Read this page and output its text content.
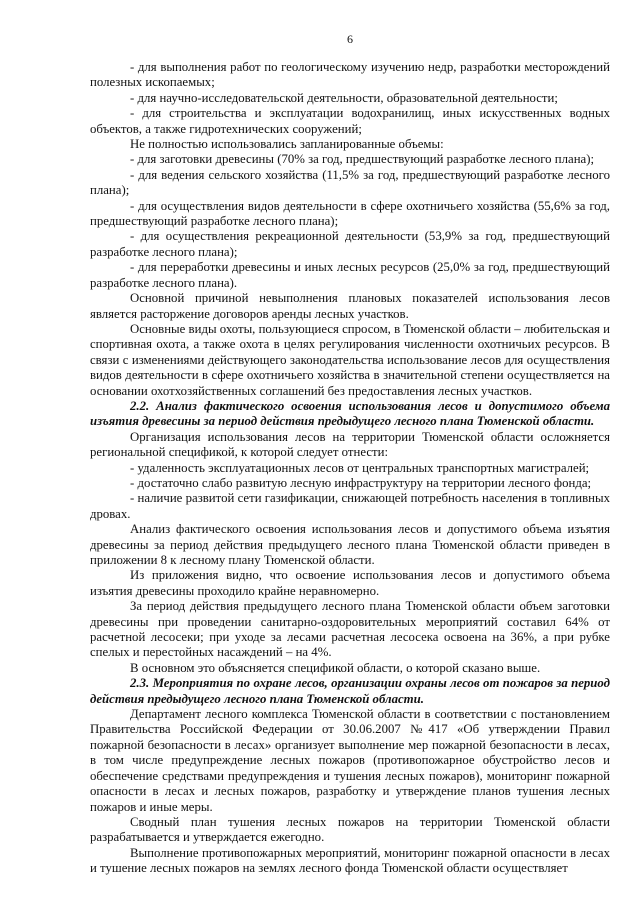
6

- для выполнения работ по геологическому изучению недр, разработки месторождений полезных ископаемых;

- для научно-исследовательской деятельности, образовательной деятельности;

- для строительства и эксплуатации водохранилищ, иных искусственных водных объектов, а также гидротехнических сооружений;

Не полностью использовались запланированные объемы:

- для заготовки древесины (70% за год, предшествующий разработке лесного плана);

- для ведения сельского хозяйства (11,5% за год, предшествующий разработке лесного плана);

- для осуществления видов деятельности в сфере охотничьего хозяйства (55,6% за год, предшествующий разработке лесного плана);

- для осуществления рекреационной деятельности (53,9% за год, предшествующий разработке лесного плана);

- для переработки древесины и иных лесных ресурсов (25,0% за год, предшествующий разработке лесного плана).

Основной причиной невыполнения плановых показателей использования лесов является расторжение договоров аренды лесных участков.

Основные виды охоты, пользующиеся спросом, в Тюменской области – любительская и спортивная охота, а также охота в целях регулирования численности охотничьих ресурсов. В связи с изменениями действующего законодательства использование лесов для осуществления видов деятельности в сфере охотничьего хозяйства в значительной степени осуществляется на основании охотхозяйственных соглашений без предоставления лесных участков.

2.2. Анализ фактического освоения использования лесов и допустимого объема изъятия древесины за период действия предыдущего лесного плана Тюменской области.

Организация использования лесов на территории Тюменской области осложняется региональной спецификой, к которой следует отнести:

- удаленность эксплуатационных лесов от центральных транспортных магистралей;

- достаточно слабо развитую лесную инфраструктуру на территории лесного фонда;

- наличие развитой сети газификации, снижающей потребность населения в топливных дровах.

Анализ фактического освоения использования лесов и допустимого объема изъятия древесины за период действия предыдущего лесного плана Тюменской области приведен в приложении 8 к лесному плану Тюменской области.

Из приложения видно, что освоение использования лесов и допустимого объема изъятия древесины проходило крайне неравномерно.

За период действия предыдущего лесного плана Тюменской области объем заготовки древесины при проведении санитарно-оздоровительных мероприятий составил 64% от расчетной лесосеки; при уходе за лесами расчетная лесосека освоена на 36%, а при рубке спелых и перестойных насаждений – на 4%.

В основном это объясняется спецификой области, о которой сказано выше.

2.3. Мероприятия по охране лесов, организации охраны лесов от пожаров за период действия предыдущего лесного плана Тюменской области.

Департамент лесного комплекса Тюменской области в соответствии с постановлением Правительства Российской Федерации от 30.06.2007 №417 «Об утверждении Правил пожарной безопасности в лесах» организует выполнение мер пожарной безопасности в лесах, в том числе предупреждение лесных пожаров (противопожарное обустройство лесов и обеспечение средствами предупреждения и тушения лесных пожаров), мониторинг пожарной опасности в лесах и лесных пожаров, разработку и утверждение планов тушения лесных пожаров и иные меры.

Сводный план тушения лесных пожаров на территории Тюменской области разрабатывается и утверждается ежегодно.

Выполнение противопожарных мероприятий, мониторинг пожарной опасности в лесах и тушение лесных пожаров на землях лесного фонда Тюменской области осуществляет
